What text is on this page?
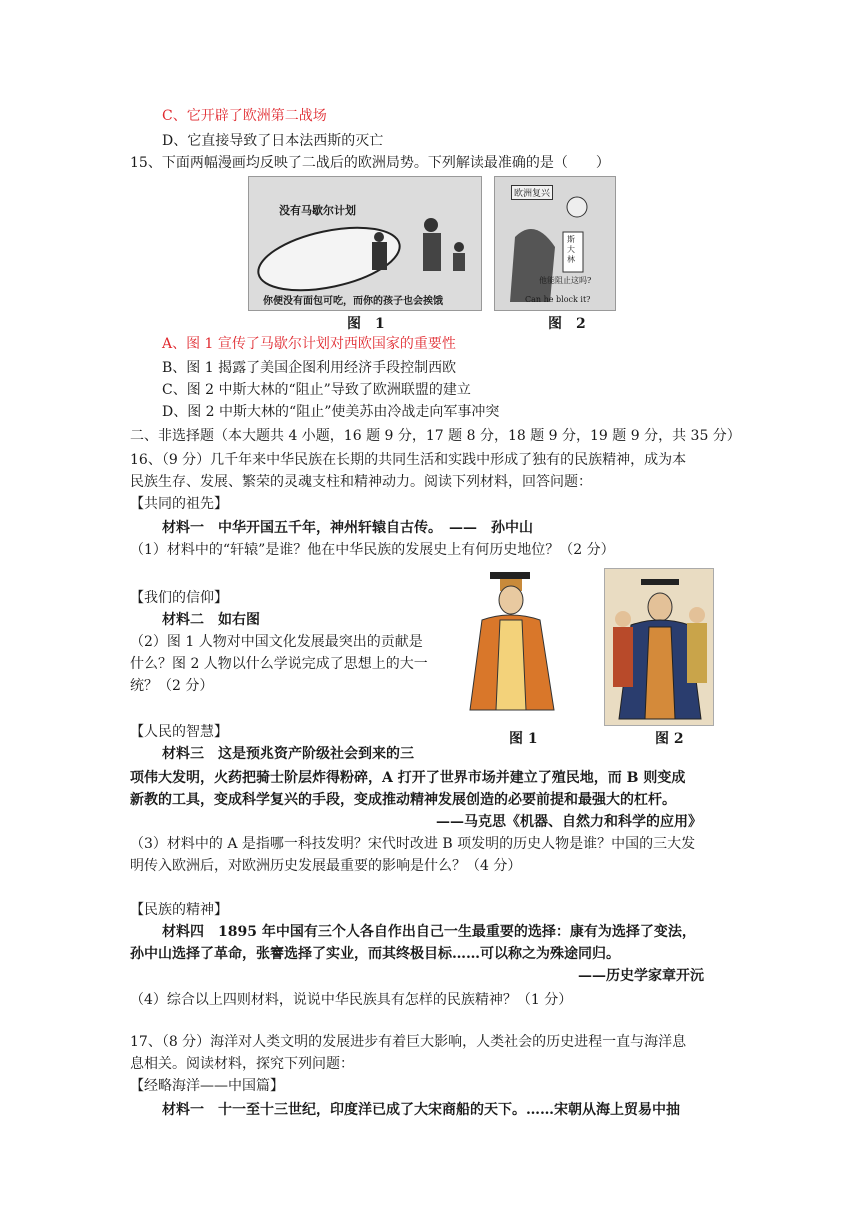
C、它开辟了欧洲第二战场
D、它直接导致了日本法西斯的灭亡
15、下面两幅漫画均反映了二战后的欧洲局势。下列解读最准确的是（　　）
没有马歇尔计划
你便没有面包可吃，而你的孩子也会挨饿
欧洲复兴
斯大林
他能阻止这吗?
Can he block it?
图　1	图　2
A、图 1 宣传了马歇尔计划对西欧国家的重要性
B、图 1 揭露了美国企图利用经济手段控制西欧
C、图 2 中斯大林的“阻止”导致了欧洲联盟的建立
D、图 2 中斯大林的“阻止”使美苏由冷战走向军事冲突
二、非选择题（本大题共 4 小题，16 题 9 分，17 题 8 分，18 题 9 分，19 题 9 分，共 35 分）
16、（9 分）几千年来中华民族在长期的共同生活和实践中形成了独有的民族精神，成为本
民族生存、发展、繁荣的灵魂支柱和精神动力。阅读下列材料，回答问题：
【共同的祖先】
材料一　中华开国五千年，神州轩辕自古传。　——　孙中山
（1）材料中的“轩辕”是谁？他在中华民族的发展史上有何历史地位？（2 分）
【我们的信仰】
材料二　如右图
（2）图 1 人物对中国文化发展最突出的贡献是
什么？图 2 人物以什么学说完成了思想上的大一
统？（2 分）
图 1	图 2
【人民的智慧】
材料三　这是预兆资产阶级社会到来的三
项伟大发明，火药把骑士阶层炸得粉碎，A 打开了世界市场并建立了殖民地，而 B 则变成
新教的工具，变成科学复兴的手段，变成推动精神发展创造的必要前提和最强大的杠杆。
——马克思《机器、自然力和科学的应用》
（3）材料中的 A 是指哪一科技发明？宋代时改进 B 项发明的历史人物是谁？中国的三大发
明传入欧洲后，对欧洲历史发展最重要的影响是什么？（4 分）
【民族的精神】
材料四　1895 年中国有三个人各自作出自己一生最重要的选择：康有为选择了变法，
孙中山选择了革命，张謇选择了实业，而其终极目标……可以称之为殊途同归。
——历史学家章开沅
（4）综合以上四则材料，说说中华民族具有怎样的民族精神？（1 分）
17、（8 分）海洋对人类文明的发展进步有着巨大影响，人类社会的历史进程一直与海洋息
息相关。阅读材料，探究下列问题：
【经略海洋——中国篇】
材料一　十一至十三世纪，印度洋已成了大宋商船的天下。……宋朝从海上贸易中抽
